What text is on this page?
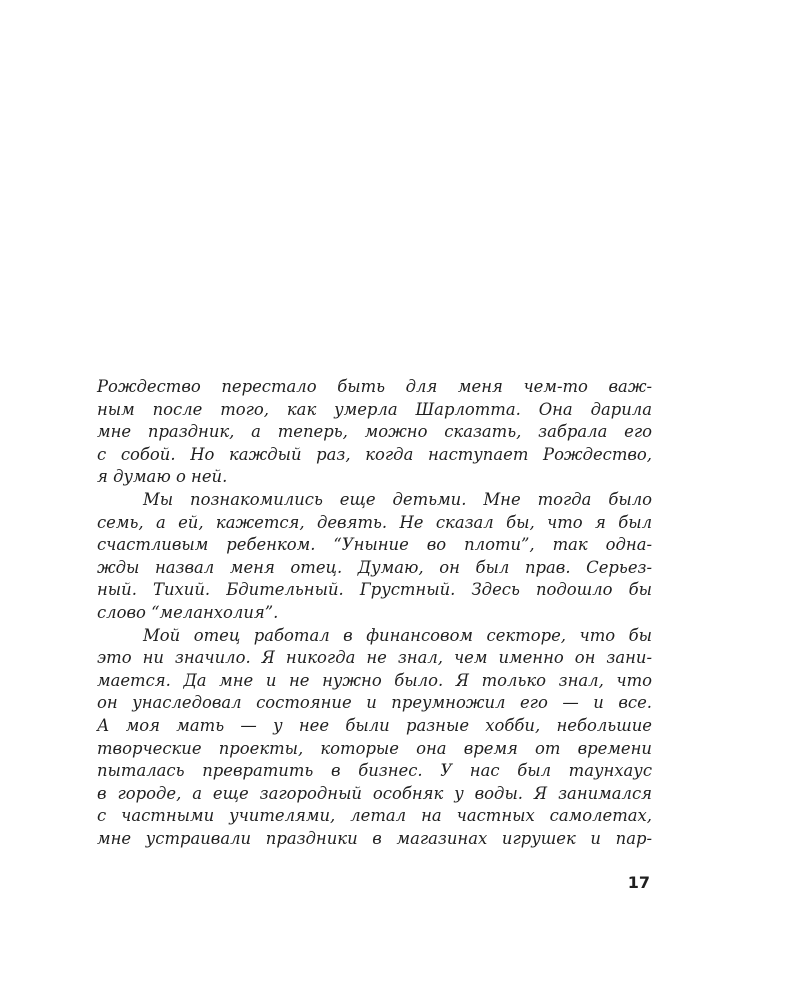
Рождество перестало быть для меня чем-то важ-
ным после того, как умерла Шарлотта. Она дарила
мне праздник, а теперь, можно сказать, забрала его
с собой. Но каждый раз, когда наступает Рождество,
я думаю о ней.
Мы познакомились еще детьми. Мне тогда было
семь, а ей, кажется, девять. Не сказал бы, что я был
счастливым ребенком. “Уныние во плоти”, так одна-
жды назвал меня отец. Думаю, он был прав. Серьез-
ный. Тихий. Бдительный. Грустный. Здесь подошло бы
слово “меланхолия”.
Мой отец работал в финансовом секторе, что бы
это ни значило. Я никогда не знал, чем именно он зани-
мается. Да мне и не нужно было. Я только знал, что
он унаследовал состояние и преумножил его — и все.
А моя мать — у нее были разные хобби, небольшие
творческие проекты, которые она время от времени
пыталась превратить в бизнес. У нас был таунхаус
в городе, а еще загородный особняк у воды. Я занимался
с частными учителями, летал на частных самолетах,
мне устраивали праздники в магазинах игрушек и пар-
17
